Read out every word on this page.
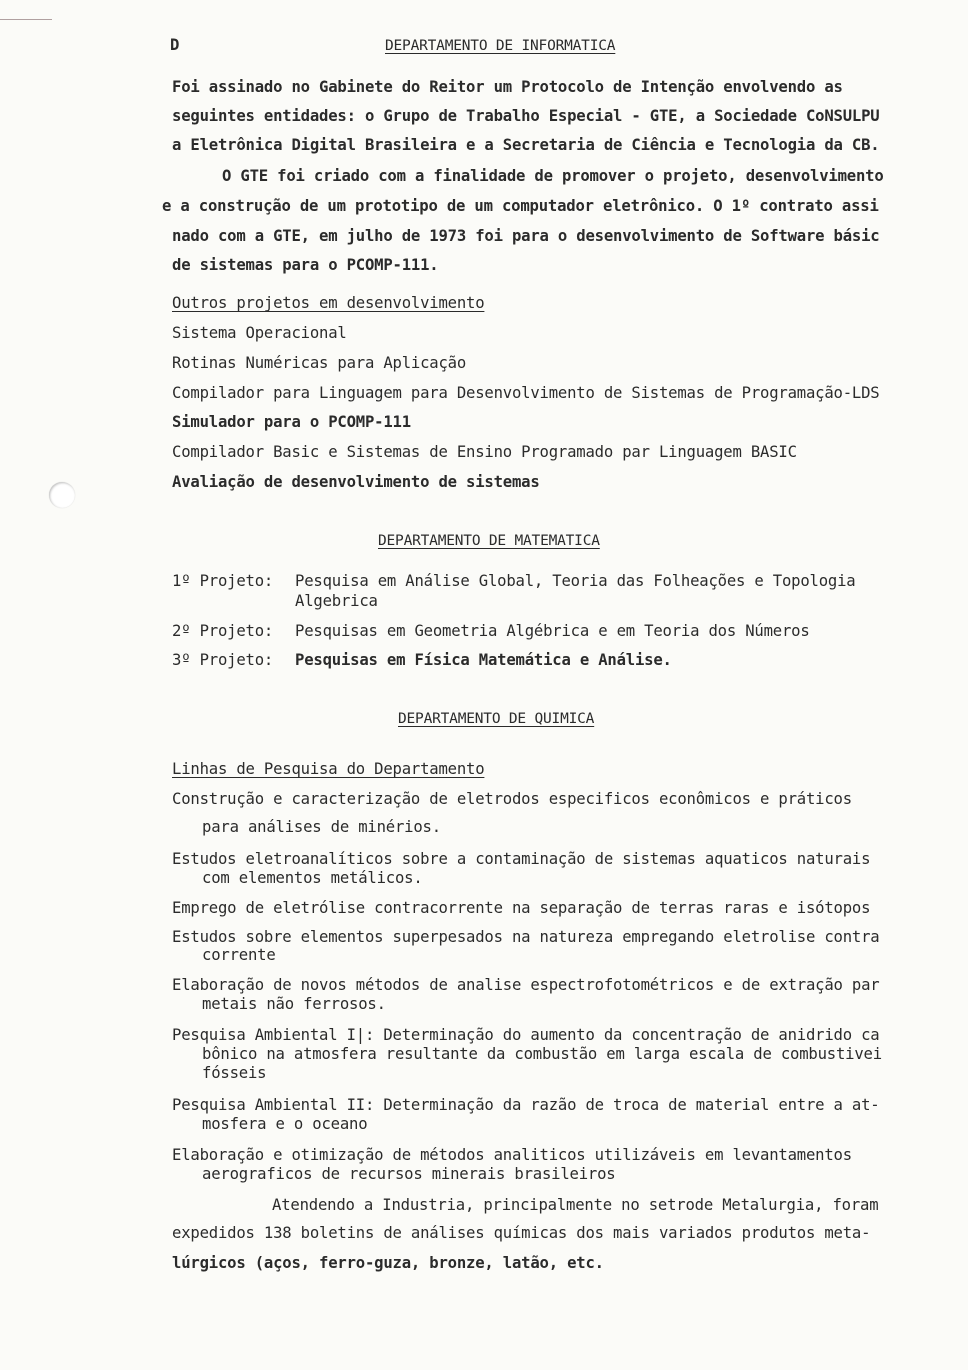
D	DEPARTAMENTO DE INFORMATICA
Foi assinado no Gabinete do Reitor um Protocolo de Intenção envolvendo as
seguintes entidades: o Grupo de Trabalho Especial - GTE, a Sociedade CoNSULPU
a Eletrônica Digital Brasileira e a Secretaria de Ciência e Tecnologia da CB.
O GTE foi criado com a finalidade de promover o projeto, desenvolvimento
e a construção de um prototipo de um computador eletrônico. O 1º contrato assi
nado com a GTE, em julho de 1973 foi para o desenvolvimento de Software básic
de sistemas para o PCOMP-111.
Outros projetos em desenvolvimento
Sistema Operacional
Rotinas Numéricas para Aplicação
Compilador para Linguagem para Desenvolvimento de Sistemas de Programação-LDS
Simulador para o PCOMP-111
Compilador Basic e Sistemas de Ensino Programado par Linguagem BASIC
Avaliação de desenvolvimento de sistemas
DEPARTAMENTO DE MATEMATICA
1º Projeto: Pesquisa em Análise Global, Teoria das Folheações e Topologia
Algebrica
2º Projeto: Pesquisas em Geometria Algébrica e em Teoria dos Números
3º Projeto: Pesquisas em Física Matemática e Análise.
DEPARTAMENTO DE QUIMICA
Linhas de Pesquisa do Departamento
Construção e caracterização de eletrodos especificos econômicos e práticos
para análises de minérios.
Estudos eletroanalíticos sobre a contaminação de sistemas aquaticos naturais
com elementos metálicos.
Emprego de eletrólise contracorrente na separação de terras raras e isótopos
Estudos sobre elementos superpesados na natureza empregando eletrolise contra
corrente
Elaboração de novos métodos de analise espectrofotométricos e de extração par
metais não ferrosos.
Pesquisa Ambiental I|: Determinação do aumento da concentração de anidrido ca
bônico na atmosfera resultante da combustão em larga escala de combustivei
fósseis
Pesquisa Ambiental II: Determinação da razão de troca de material entre a at-
mosfera e o oceano
Elaboração e otimização de métodos analiticos utilizáveis em levantamentos
aerograficos de recursos minerais brasileiros
Atendendo a Industria, principalmente no setrode Metalurgia, foram
expedidos 138 boletins de análises químicas dos mais variados produtos meta-
lúrgicos (aços, ferro-guza, bronze, latão, etc.
